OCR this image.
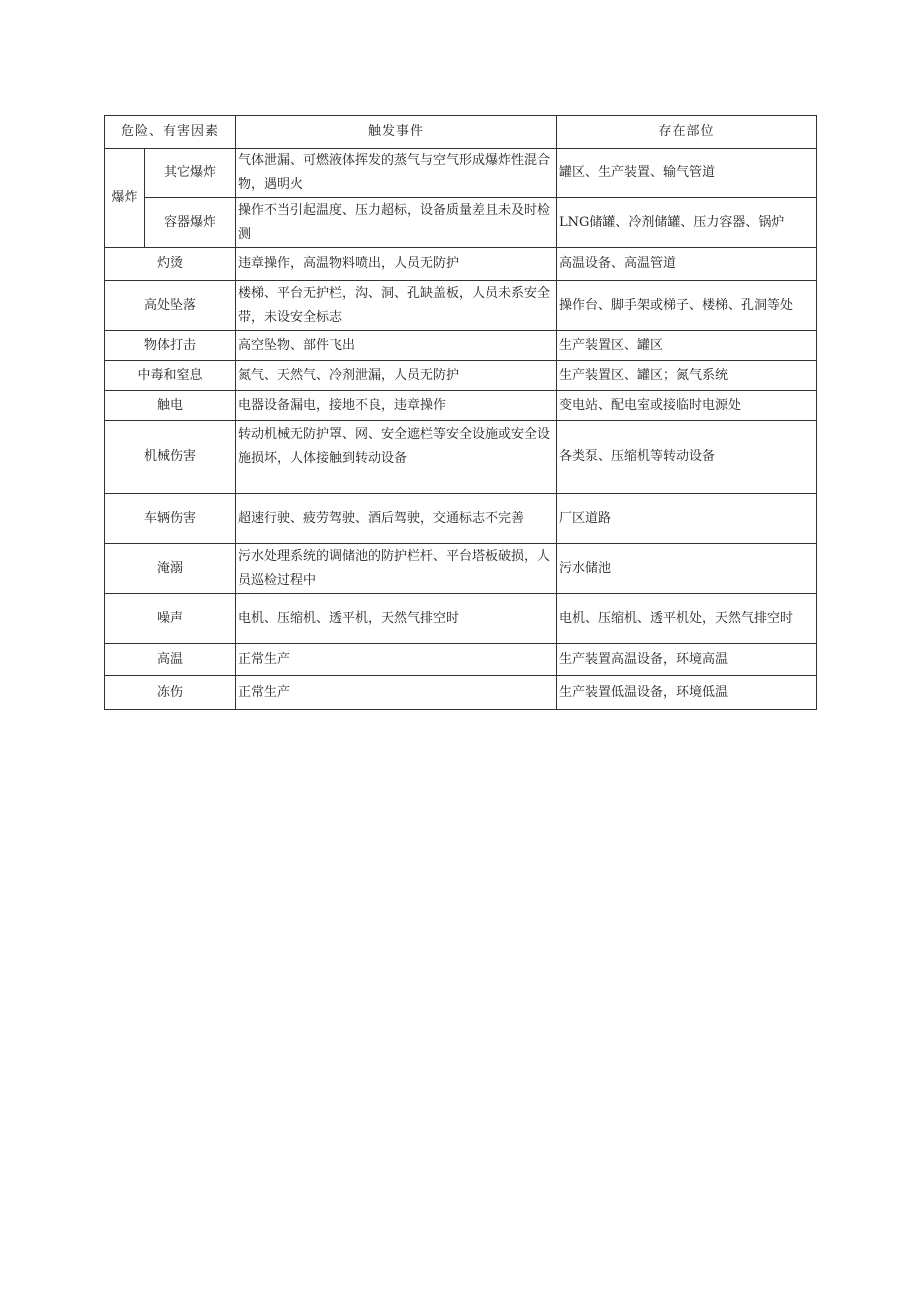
危险、有害因素		触发事件	存在部位
爆炸	其它爆炸	气体泄漏、可燃液体挥发的蒸气与空气形成爆炸性混合物，遇明火	罐区、生产装置、输气管道
	容器爆炸	操作不当引起温度、压力超标，设备质量差且未及时检测	LNG储罐、冷剂储罐、压力容器、锅炉
灼烫		违章操作，高温物料喷出，人员无防护	高温设备、高温管道
高处坠落		楼梯、平台无护栏，沟、洞、孔缺盖板，人员未系安全带，未设安全标志	操作台、脚手架或梯子、楼梯、孔洞等处
物体打击		高空坠物、部件飞出	生产装置区、罐区
中毒和窒息		氮气、天然气、冷剂泄漏，人员无防护	生产装置区、罐区；氮气系统
触电		电器设备漏电，接地不良，违章操作	变电站、配电室或接临时电源处
机械伤害		转动机械无防护罩、网、安全遮栏等安全设施或安全设施损坏，人体接触到转动设备	各类泵、压缩机等转动设备
车辆伤害		超速行驶、疲劳驾驶、酒后驾驶，交通标志不完善	厂区道路
淹溺		污水处理系统的调储池的防护栏杆、平台塔板破损，人员巡检过程中	污水储池
噪声		电机、压缩机、透平机，天然气排空时	电机、压缩机、透平机处，天然气排空时
高温		正常生产	生产装置高温设备，环境高温
冻伤		正常生产	生产装置低温设备，环境低温
